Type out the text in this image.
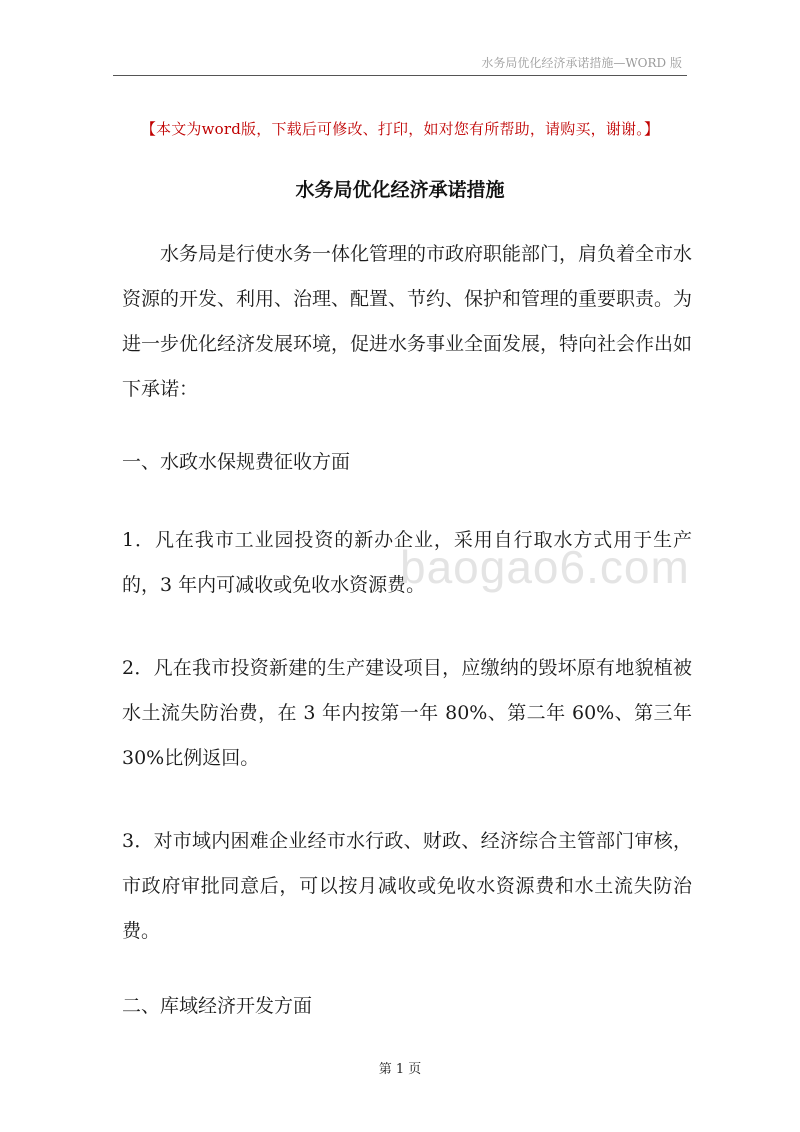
水务局优化经济承诺措施—WORD 版
【本文为word版，下载后可修改、打印，如对您有所帮助，请购买，谢谢。】
水务局优化经济承诺措施
水务局是行使水务一体化管理的市政府职能部门，肩负着全市水资源的开发、利用、治理、配置、节约、保护和管理的重要职责。为进一步优化经济发展环境，促进水务事业全面发展，特向社会作出如下承诺：
一、水政水保规费征收方面
1．凡在我市工业园投资的新办企业，采用自行取水方式用于生产的，3 年内可减收或免收水资源费。
2．凡在我市投资新建的生产建设项目，应缴纳的毁坏原有地貌植被水土流失防治费，在 3 年内按第一年 80%、第二年 60%、第三年 30%比例返回。
3．对市域内困难企业经市水行政、财政、经济综合主管部门审核，市政府审批同意后，可以按月减收或免收水资源费和水土流失防治费。
二、库域经济开发方面
baogao6.com
第 1 页
